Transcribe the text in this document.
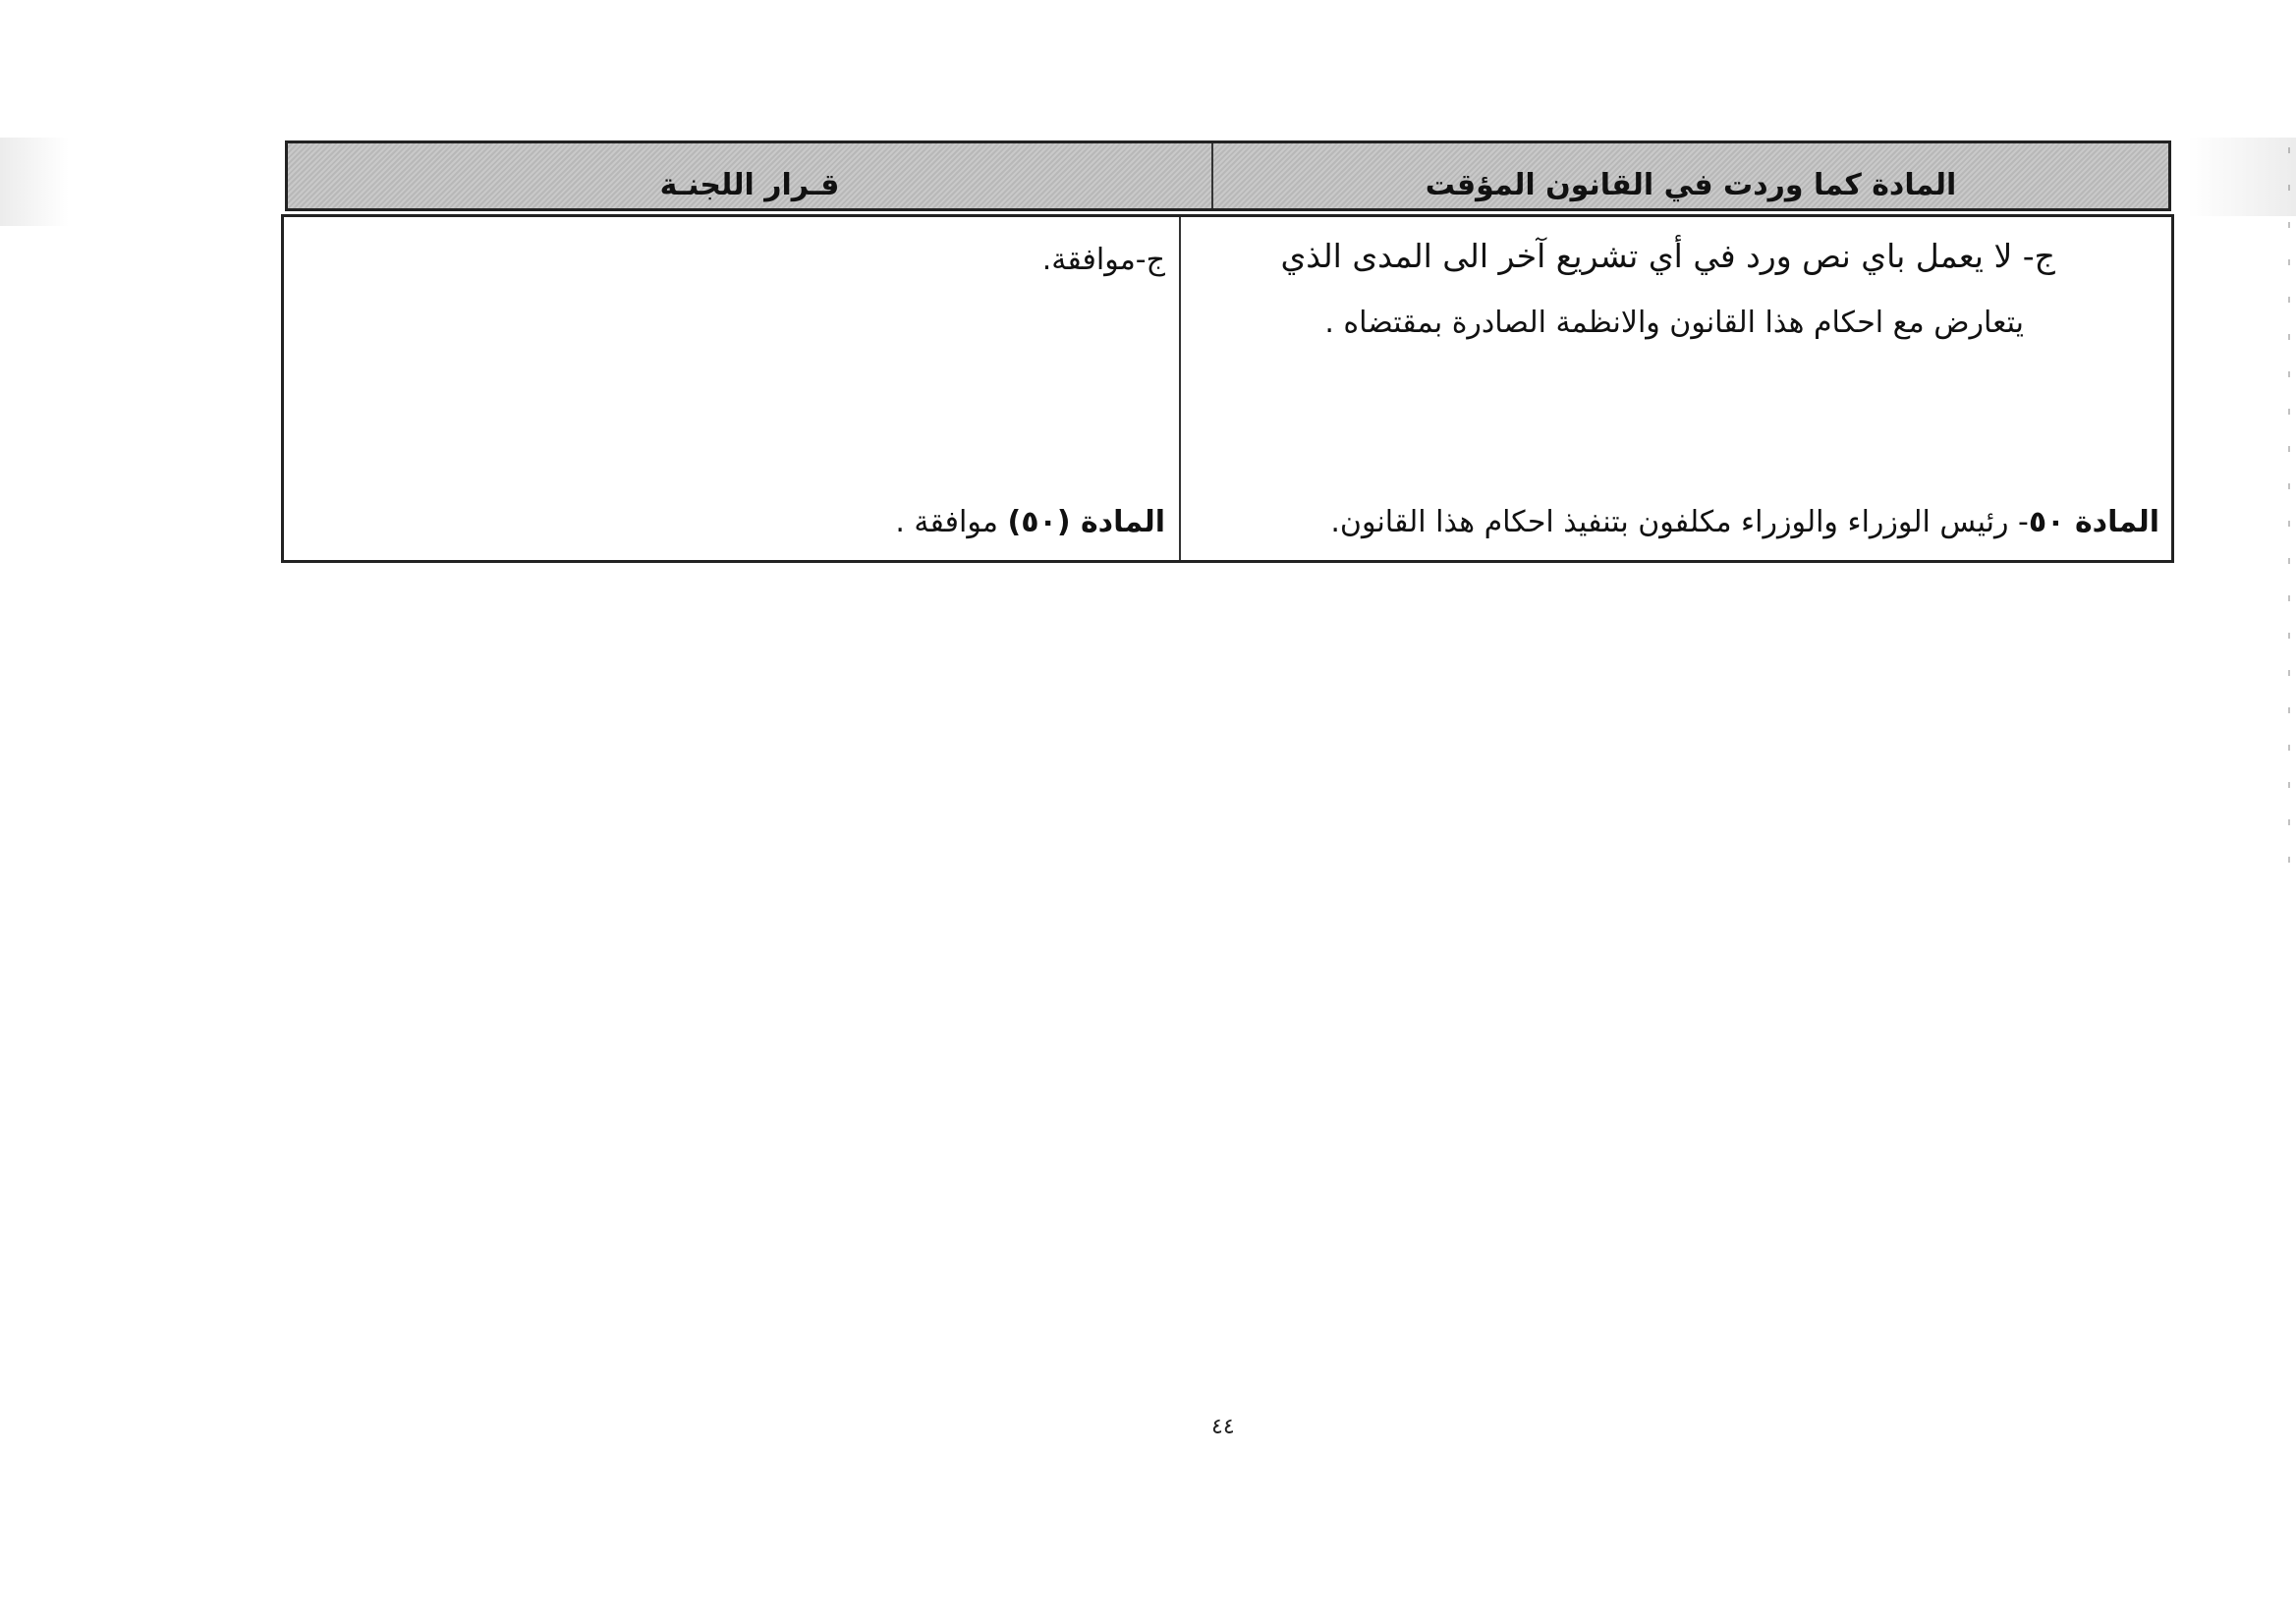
المادة كما وردت في القانون المؤقت
قـرار اللجنـة
ج- لا يعمل باي نص ورد في أي تشريع آخر الى المدى الذي
يتعارض مع احكام هذا القانون والانظمة الصادرة بمقتضاه .
المادة ٥٠- رئيس الوزراء والوزراء مكلفون بتنفيذ احكام هذا القانون.
ج-موافقة.
المادة (٥٠) موافقة .
٤٤
